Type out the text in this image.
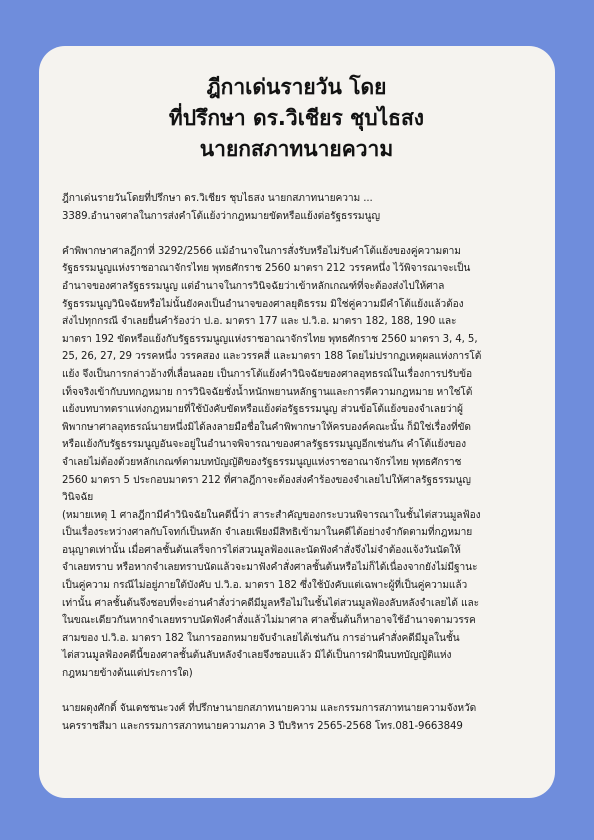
ฎีกาเด่นรายวัน โดย
ที่ปรึกษา ดร.วิเชียร ชุบไธสง
นายกสภาทนายความ

ฎีกาเด่นรายวันโดยที่ปรึกษา ดร.วิเชียร ชุบไธสง นายกสภาทนายความ ...

3389.อำนาจศาลในการส่งคำโต้แย้งว่ากฎหมายขัดหรือแย้งต่อรัฐธรรมนูญ

คำพิพากษาศาลฎีกาที่ 3292/2566 แม้อำนาจในการสั่งรับหรือไม่รับคำโต้แย้งของคู่ความตาม

รัฐธรรมนูญแห่งราชอาณาจักรไทย พุทธศักราช 2560 มาตรา 212 วรรคหนึ่ง ไว้พิจารณาจะเป็น

อำนาจของศาลรัฐธรรมนูญ แต่อำนาจในการวินิจฉัยว่าเข้าหลักเกณฑ์ที่จะต้องส่งไปให้ศาล

รัฐธรรมนูญวินิจฉัยหรือไม่นั้นยังคงเป็นอำนาจของศาลยุติธรรม มิใช่คู่ความมีคำโต้แย้งแล้วต้อง

ส่งไปทุกกรณี จำเลยยื่นคำร้องว่า ป.อ. มาตรา 177 และ ป.วิ.อ. มาตรา 182, 188, 190 และ

มาตรา 192 ขัดหรือแย้งกับรัฐธรรมนูญแห่งราชอาณาจักรไทย พุทธศักราช 2560 มาตรา 3, 4, 5,

25, 26, 27, 29 วรรคหนึ่ง วรรคสอง และวรรคสี่ และมาตรา 188 โดยไม่ปรากฏเหตุผลแห่งการโต้

แย้ง จึงเป็นการกล่าวอ้างที่เลื่อนลอย เป็นการโต้แย้งคำวินิจฉัยของศาลอุทธรณ์ในเรื่องการปรับข้อ

เท็จจริงเข้ากับบทกฎหมาย การวินิจฉัยชั่งน้ำหนักพยานหลักฐานและการตีความกฎหมาย หาใช่โต้

แย้งบทบาทตราแห่งกฎหมายที่ใช้บังคับขัดหรือแย้งต่อรัฐธรรมนูญ ส่วนข้อโต้แย้งของจำเลยว่าผู้

พิพากษาศาลอุทธรณ์นายหนึ่งมิได้ลงลายมือชื่อในคำพิพากษาให้ครบองค์คณะนั้น ก็มิใช่เรื่องที่ขัด

หรือแย้งกับรัฐธรรมนูญอันจะอยู่ในอำนาจพิจารณาของศาลรัฐธรรมนูญอีกเช่นกัน คำโต้แย้งของ

จำเลยไม่ต้องด้วยหลักเกณฑ์ตามบทบัญญัติของรัฐธรรมนูญแห่งราชอาณาจักรไทย พุทธศักราช

2560 มาตรา 5 ประกอบมาตรา 212 ที่ศาลฎีกาจะต้องส่งคำร้องของจำเลยไปให้ศาลรัฐธรรมนูญ

วินิจฉัย

(หมายเหตุ 1 ศาลฎีกามีคำวินิจฉัยในคดีนี้ว่า สาระสำคัญของกระบวนพิจารณาในชั้นไต่สวนมูลฟ้อง

เป็นเรื่องระหว่างศาลกับโจทก์เป็นหลัก จำเลยเพียงมีสิทธิเข้ามาในคดีได้อย่างจำกัดตามที่กฎหมาย

อนุญาตเท่านั้น เมื่อศาลชั้นต้นเสร็จการไต่สวนมูลฟ้องและนัดฟังคำสั่งจึงไม่จำต้องแจ้งวันนัดให้

จำเลยทราบ หรือหากจำเลยทราบนัดแล้วจะมาฟังคำสั่งศาลชั้นต้นหรือไม่ก็ได้เนื่องจากยังไม่มีฐานะ

เป็นคู่ความ กรณีไม่อยู่ภายใต้บังคับ ป.วิ.อ. มาตรา 182 ซึ่งใช้บังคับแต่เฉพาะผู้ที่เป็นคู่ความแล้ว

เท่านั้น ศาลชั้นต้นจึงชอบที่จะอ่านคำสั่งว่าคดีมีมูลหรือไม่ในชั้นไต่สวนมูลฟ้องลับหลังจำเลยได้ และ

ในขณะเดียวกันหากจำเลยทราบนัดฟังคำสั่งแล้วไม่มาศาล ศาลชั้นต้นก็หาอาจใช้อำนาจตามวรรค

สามของ ป.วิ.อ. มาตรา 182 ในการออกหมายจับจำเลยได้เช่นกัน การอ่านคำสั่งคดีมีมูลในชั้น

ไต่สวนมูลฟ้องคดีนี้ของศาลชั้นต้นลับหลังจำเลยจึงชอบแล้ว มิได้เป็นการฝ่าฝืนบทบัญญัติแห่ง

กฎหมายข้างต้นแต่ประการใด)

นายผดุงศักดิ์ จันเดชชนะวงศ์ ที่ปรึกษานายกสภาทนายความ และกรรมการสภาทนายความจังหวัด

นครราชสีมา และกรรมการสภาทนายความภาค 3 ปีบริหาร 2565-2568 โทร.081-9663849
